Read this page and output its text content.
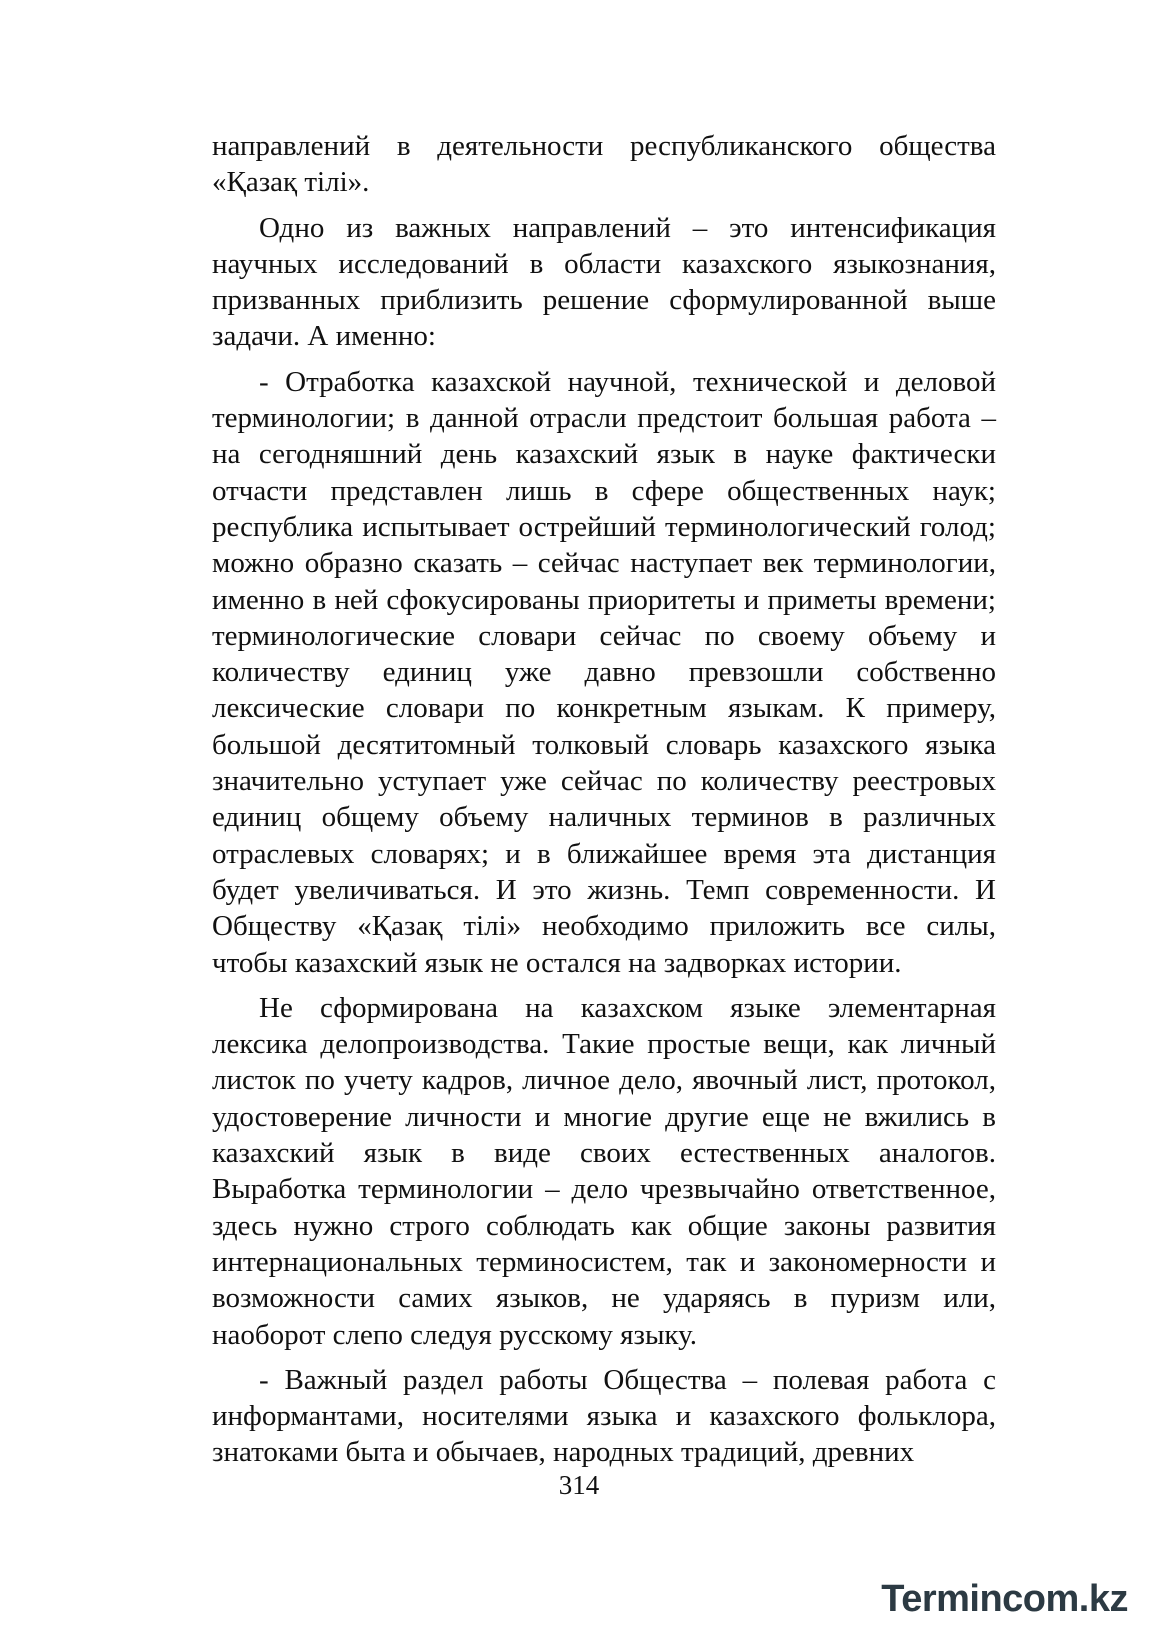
направлений в деятельности республиканского общества «Қазақ тілі».

Одно из важных направлений – это интенсификация научных исследований в области казахского языкознания, призванных приблизить решение сформулированной выше задачи. А именно:

- Отработка казахской научной, технической и деловой терминологии; в данной отрасли предстоит большая работа – на сегодняшний день казахский язык в науке фактически отчасти представлен лишь в сфере общественных наук; республика испытывает острейший терминологический голод; можно образно сказать – сейчас наступает век терминологии, именно в ней сфокусированы приоритеты и приметы времени; терминологические словари сейчас по своему объему и количеству единиц уже давно превзошли собственно лексические словари по конкретным языкам. К примеру, большой десятитомный толковый словарь казахского языка значительно уступает уже сейчас по количеству реестровых единиц общему объему наличных терминов в различных отраслевых словарях; и в ближайшее время эта дистанция будет увеличиваться. И это жизнь. Темп современности. И Обществу «Қазақ тілі» необходимо приложить все силы, чтобы казахский язык не остался на задворках истории.

Не сформирована на казахском языке элементарная лексика делопроизводства. Такие простые вещи, как личный листок по учету кадров, личное дело, явочный лист, протокол, удостоверение личности и многие другие еще не вжились в казахский язык в виде своих естественных аналогов. Выработка терминологии – дело чрезвычайно ответственное, здесь нужно строго соблюдать как общие законы развития интернациональных терминосистем, так и закономерности и возможности самих языков, не ударяясь в пуризм или, наоборот слепо следуя русскому языку.

- Важный раздел работы Общества – полевая работа с информантами, носителями языка и казахского фольклора, знатоками быта и обычаев, народных традиций, древних

314
Termincom.kz
